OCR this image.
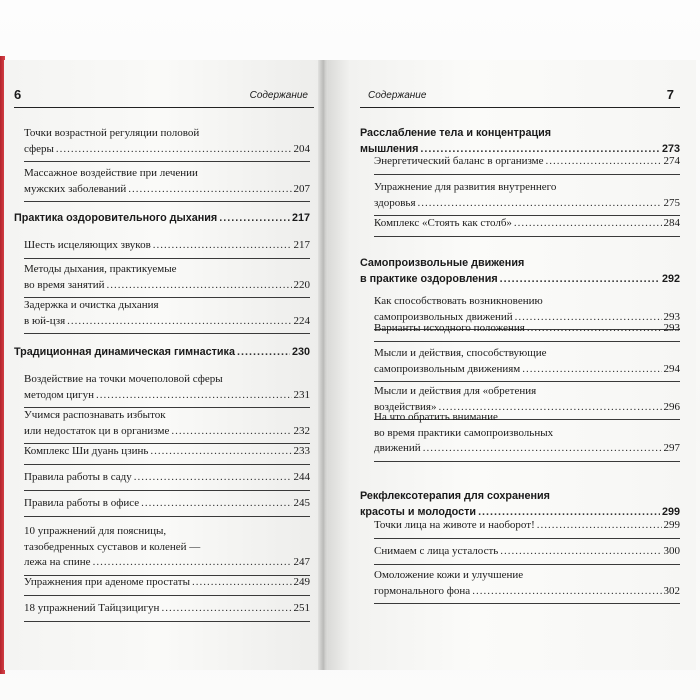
6	Содержание
Точки возрастной регуляции половой
сферы .....	204
Массажное воздействие при лечении
мужских заболеваний .....	207
Практика оздоровительного дыхания .....	217
Шесть исцеляющих звуков .....	217
Методы дыхания, практикуемые
во время занятий .....	220
Задержка и очистка дыхания
в юй-цзя .....	224
Традиционная динамическая гимнастика .....	230
Воздействие на точки мочеполовой сферы
методом цигун .....	231
Учимся распознавать избыток
или недостаток ци в организме .....	232
Комплекс Ши дуань цзинь .....	233
Правила работы в саду .....	244
Правила работы в офисе .....	245
10 упражнений для поясницы,
тазобедренных суставов и коленей —
лежа на спине .....	247
Упражнения при аденоме простаты .....	249
18 упражнений Тайцзицигун .....	251
Содержание	7
Расслабление тела и концентрация
мышления .....	273
Энергетический баланс в организме .....	274
Упражнение для развития внутреннего
здоровья .....	275
Комплекс «Стоять как столб» .....	284
Самопроизвольные движения
в практике оздоровления .....	292
Как способствовать возникновению
самопроизвольных движений .....	293
Варианты исходного положения .....	293
Мысли и действия, способствующие
самопроизвольным движениям .....	294
Мысли и действия для «обретения
воздействия» .....	296
На что обратить внимание
во время практики самопроизвольных
движений .....	297
Рекфлексотерапия для сохранения
красоты и молодости .....	299
Точки лица на животе и наоборот! .....	299
Снимаем с лица усталость .....	300
Омоложение кожи и улучшение
гормонального фона .....	302
